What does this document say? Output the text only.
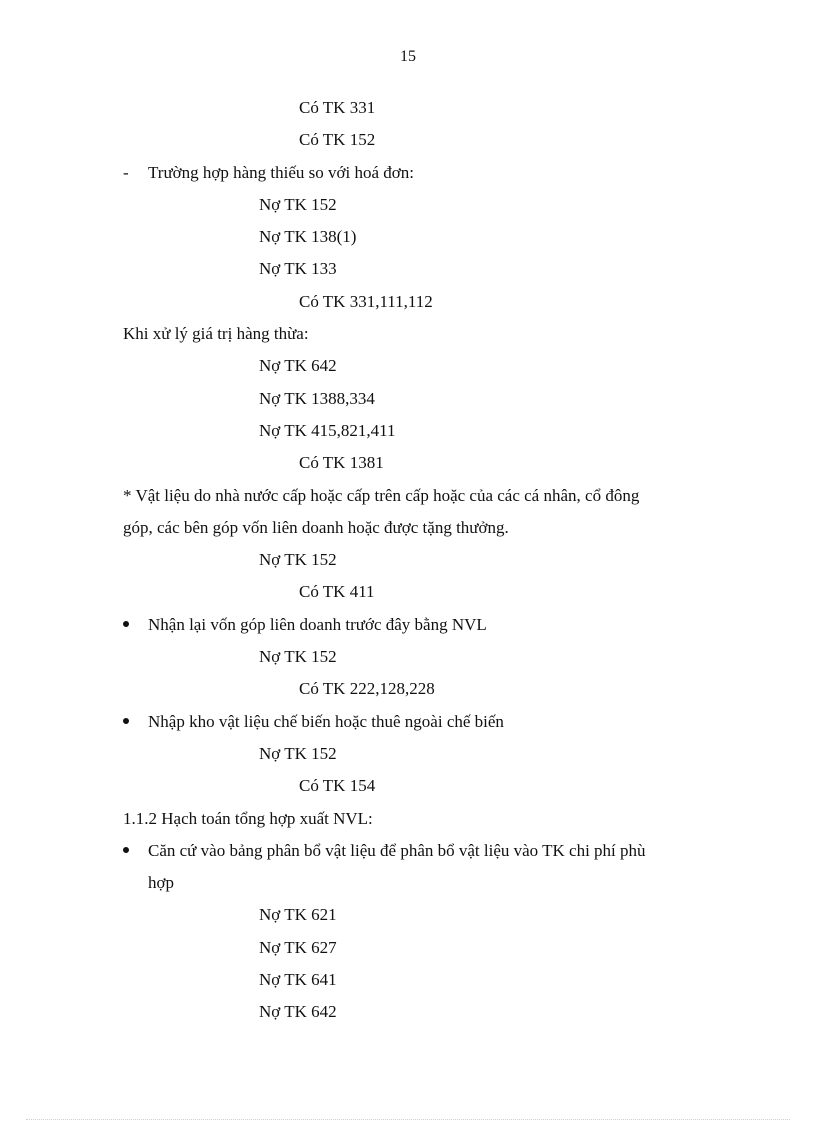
15
Có TK 331
Có TK 152
-	Trường hợp hàng thiếu so với hoá đơn:
Nợ TK 152
Nợ TK 138(1)
Nợ TK 133
Có TK 331,111,112
Khi xử lý giá trị hàng thừa:
Nợ TK 642
Nợ TK 1388,334
Nợ TK 415,821,411
Có TK 1381
* Vật liệu do nhà nước cấp hoặc cấp trên cấp hoặc của các cá nhân, cổ đông
góp, các bên góp vốn liên doanh hoặc được tặng thưởng.
Nợ TK 152
Có TK 411
Nhận lại vốn góp liên doanh trước đây bằng NVL
Nợ TK 152
Có TK 222,128,228
Nhập kho vật liệu chế biến hoặc thuê ngoài chế biến
Nợ TK 152
Có TK 154
1.1.2 Hạch toán tổng hợp xuất NVL:
Căn cứ vào bảng phân bổ vật liệu để phân bổ vật liệu vào TK chi phí phù
hợp
Nợ TK 621
Nợ TK 627
Nợ TK 641
Nợ TK 642
